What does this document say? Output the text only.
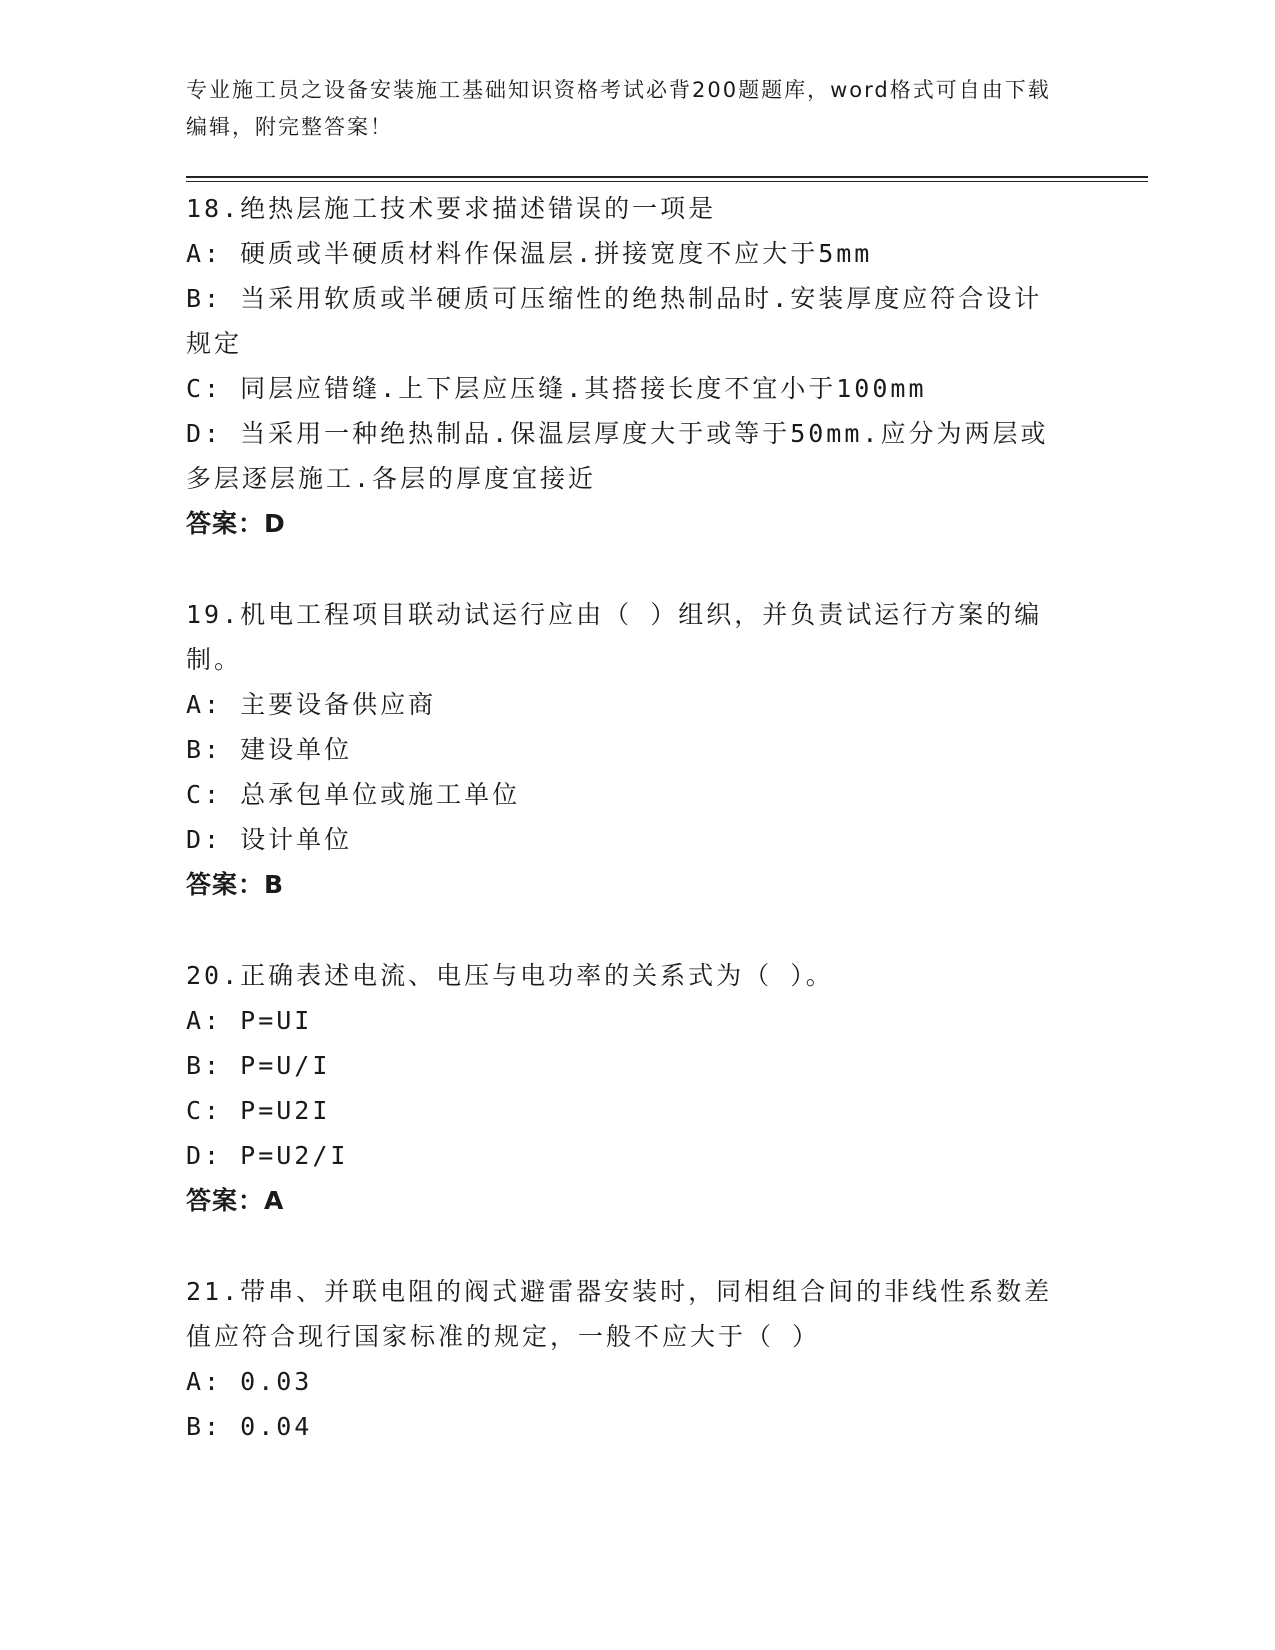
专业施工员之设备安装施工基础知识资格考试必背200题题库，word格式可自由下载编辑，附完整答案！

18.绝热层施工技术要求描述错误的一项是

A: 硬质或半硬质材料作保温层.拼接宽度不应大于5mm

B: 当采用软质或半硬质可压缩性的绝热制品时.安装厚度应符合设计规定

C: 同层应错缝.上下层应压缝.其搭接长度不宜小于100mm

D: 当采用一种绝热制品.保温层厚度大于或等于50mm.应分为两层或多层逐层施工.各层的厚度宜接近

答案：D

19.机电工程项目联动试运行应由（ ）组织，并负责试运行方案的编制。

A: 主要设备供应商

B: 建设单位

C: 总承包单位或施工单位

D: 设计单位

答案：B

20.正确表述电流、电压与电功率的关系式为（ ）。

A: P=UI

B: P=U/I

C: P=U2I

D: P=U2/I

答案：A

21.带串、并联电阻的阀式避雷器安装时，同相组合间的非线性系数差值应符合现行国家标准的规定，一般不应大于（ ）

A: 0.03

B: 0.04
